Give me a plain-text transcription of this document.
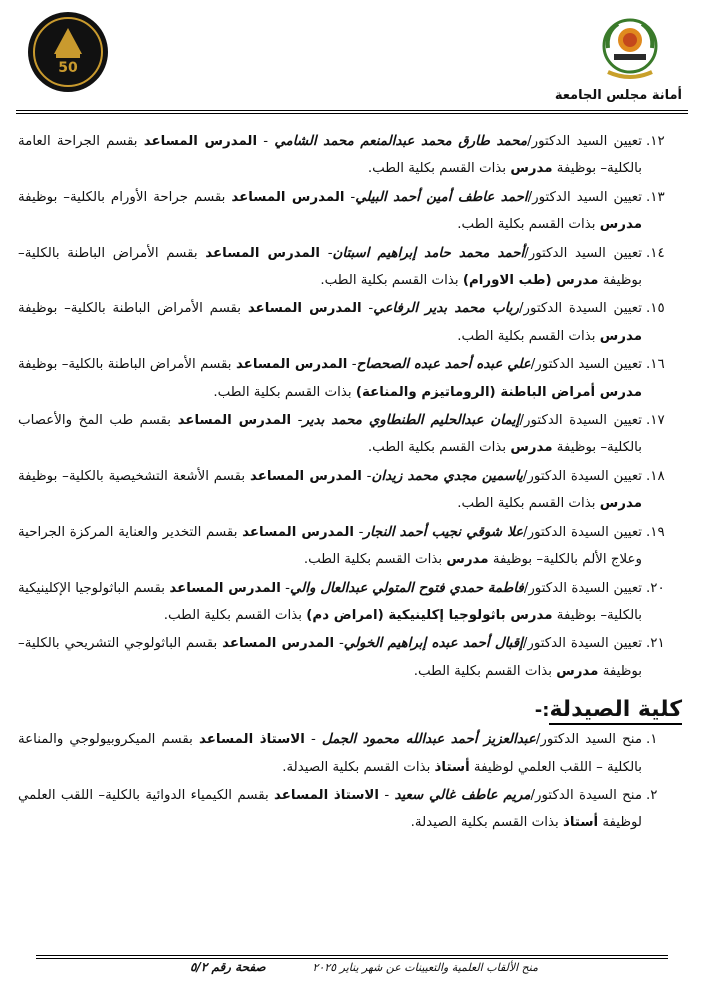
أمانة مجلس الجامعة
50
١٢.
تعيين السيد الدكتور/محمد طارق محمد عبدالمنعم محمد الشامي - المدرس المساعد بقسم الجراحة العامة بالكلية– بوظيفة مدرس بذات القسم بكلية الطب.
١٣.
تعيين السيد الدكتور/احمد عاطف أمين أحمد البيلي- المدرس المساعد بقسم جراحة الأورام بالكلية– بوظيفة مدرس بذات القسم بكلية الطب.
١٤.
تعيين السيد الدكتور/أحمد محمد حامد إبراهيم اسبتان- المدرس المساعد بقسم الأمراض الباطنة بالكلية– بوظيفة مدرس (طب الاورام) بذات القسم بكلية الطب.
١٥.
تعيين السيدة الدكتور/رباب محمد بدير الرفاعي- المدرس المساعد بقسم الأمراض الباطنة بالكلية– بوظيفة مدرس بذات القسم بكلية الطب.
١٦.
تعيين السيد الدكتور/علي عبده أحمد عبده الصحصاح- المدرس المساعد بقسم الأمراض الباطنة بالكلية– بوظيفة مدرس أمراض الباطنة (الروماتيزم والمناعة) بذات القسم بكلية الطب.
١٧.
تعيين السيدة الدكتور/إيمان عبدالحليم الطنطاوي محمد بدير- المدرس المساعد بقسم طب المخ والأعصاب بالكلية– بوظيفة مدرس بذات القسم بكلية الطب.
١٨.
تعيين السيدة الدكتور/ياسمين مجدي محمد زيدان- المدرس المساعد بقسم الأشعة التشخيصية بالكلية– بوظيفة مدرس بذات القسم بكلية الطب.
١٩.
تعيين السيدة الدكتور/علا شوقي نجيب أحمد النجار- المدرس المساعد بقسم التخدير والعناية المركزة الجراحية وعلاج الألم بالكلية– بوظيفة مدرس بذات القسم بكلية الطب.
٢٠.
تعيين السيدة الدكتور/فاطمة حمدي فتوح المتولي عبدالعال والي- المدرس المساعد بقسم الباثولوجيا الإكلينيكية بالكلية– بوظيفة مدرس باثولوجيا إكلينيكية (امراض دم) بذات القسم بكلية الطب.
٢١.
تعيين السيدة الدكتور/إقبال أحمد عبده إبراهيم الخولي- المدرس المساعد بقسم الباثولوجي التشريحي بالكلية– بوظيفة مدرس بذات القسم بكلية الطب.
كلية الصيدلة:-
١.
منح السيد الدكتور/عبدالعزيز أحمد عبدالله محمود الجمل - الاستاذ المساعد بقسم الميكروبيولوجي والمناعة بالكلية – اللقب العلمي لوظيفة أستاذ بذات القسم بكلية الصيدلة.
٢.
منح السيدة الدكتور/مريم عاطف غالي سعيد - الاستاذ المساعد بقسم الكيمياء الدوائية بالكلية– اللقب العلمي لوظيفة أستاذ بذات القسم بكلية الصيدلة.
منح الألقاب العلمية والتعيينات عن شهر يناير ٢٠٢٥
صفحة رقم ٥/٢
